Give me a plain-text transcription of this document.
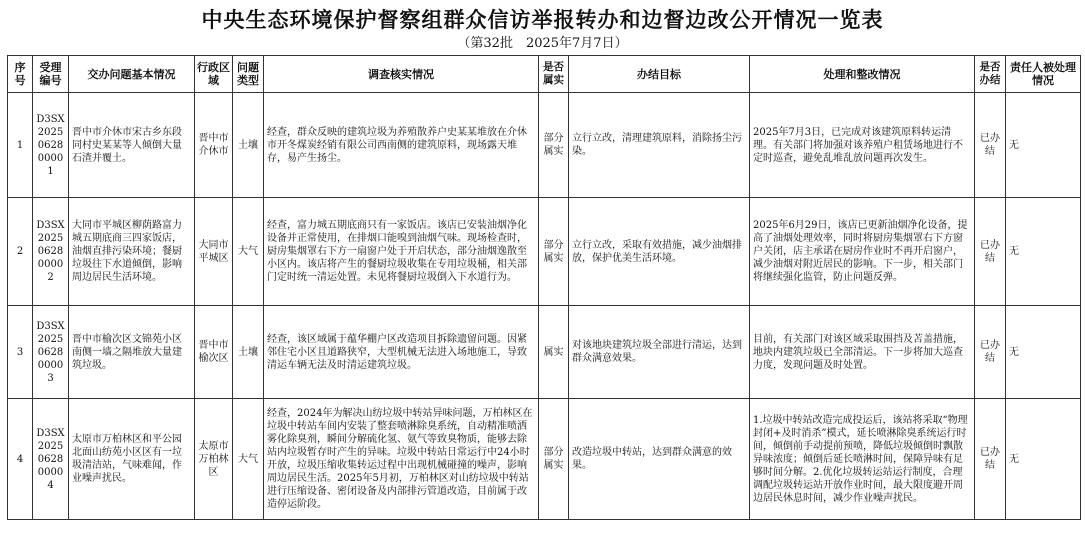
中央生态环境保护督察组群众信访举报转办和边督边改公开情况一览表
（第32批　2025年7月7日）
序号	受理编号	交办问题基本情况	行政区域	问题类型	调查核实情况	是否属实	办结目标	处理和整改情况	是否办结	责任人被处理情况
1	D3SX2025062800001	晋中市介休市宋古乡东段同村史某某等人倾倒大量石渣并覆土。	晋中市介休市	土壤	经查，群众反映的建筑垃圾为养殖散养户史某某堆放在介休市开冬煤炭经销有限公司西南侧的建筑原料，现场露天堆存，易产生扬尘。	部分属实	立行立改，清理建筑原料，消除扬尘污染。	2025年7月3日，已完成对该建筑原料转运清理。有关部门将加强对该养殖户租赁场地进行不定时巡查，避免乱堆乱放问题再次发生。	已办结	无
2	D3SX2025062800002	大同市平城区柳荫路富力城五期底商三四家饭店，油烟直排污染环境；餐厨垃圾往下水道倾倒，影响周边居民生活环境。	大同市平城区	大气	经查，富力城五期底商只有一家饭店。该店已安装油烟净化设备并正常使用，在排烟口能嗅到油烟气味。现场检查时，厨房集烟罩右下方一扇窗户处于开启状态，部分油烟逸散至小区内。该店将产生的餐厨垃圾收集在专用垃圾桶，相关部门定时统一清运处置。未见将餐厨垃圾倒入下水道行为。	部分属实	立行立改，采取有效措施，减少油烟排放，保护优美生活环境。	2025年6月29日，该店已更新油烟净化设备，提高了油烟处理效率，同时将厨房集烟罩右下方窗户关闭，店主承诺在厨房作业时不再开启窗户，减少油烟对附近居民的影响。下一步，相关部门将继续强化监管，防止问题反弹。	已办结	无
3	D3SX2025062800003	晋中市榆次区文锦苑小区南侧一墙之隔堆放大量建筑垃圾。	晋中市榆次区	土壤	经查，该区域属于蕴华棚户区改造项目拆除遗留问题。因紧邻住宅小区且道路狭窄，大型机械无法进入场地施工，导致清运车辆无法及时清运建筑垃圾。	属实	对该地块建筑垃圾全部进行清运，达到群众满意效果。	目前，有关部门对该区域采取围挡及苫盖措施，地块内建筑垃圾已全部清运。下一步将加大巡查力度，发现问题及时处置。	已办结	无
4	D3SX2025062800004	太原市万柏林区和平公园北面山纺苑小区区有一垃圾清洁站，气味难闻，作业噪声扰民。	太原市万柏林区	大气	经查，2024年为解决山纺垃圾中转站异味问题，万柏林区在垃圾中转站车间内安装了整套喷淋除臭系统，自动精准喷洒雾化除臭剂，瞬间分解硫化氢、氨气等致臭物质，能够去除站内垃圾暂存时产生的异味。垃圾中转站日常运行中24小时开放，垃圾压缩收集转运过程中出现机械碰撞的噪声，影响周边居民生活。2025年5月初，万柏林区对山纺垃圾中转站进行压缩设备、密闭设备及内部排污管道改造，目前属于改造停运阶段。	部分属实	改造垃圾中转站，达到群众满意的效果。	1.垃圾中转站改造完成投运后，该站将采取“物理封闭+及时消杀”模式，延长喷淋除臭系统运行时间，倾倒前手动提前预喷，降低垃圾倾倒时飘散异味浓度；倾倒后延长喷淋时间，保障异味有足够时间分解。2.优化垃圾转运站运行制度，合理调配垃圾转运站开放作业时间，最大限度避开周边居民休息时间，减少作业噪声扰民。	已办结	无
